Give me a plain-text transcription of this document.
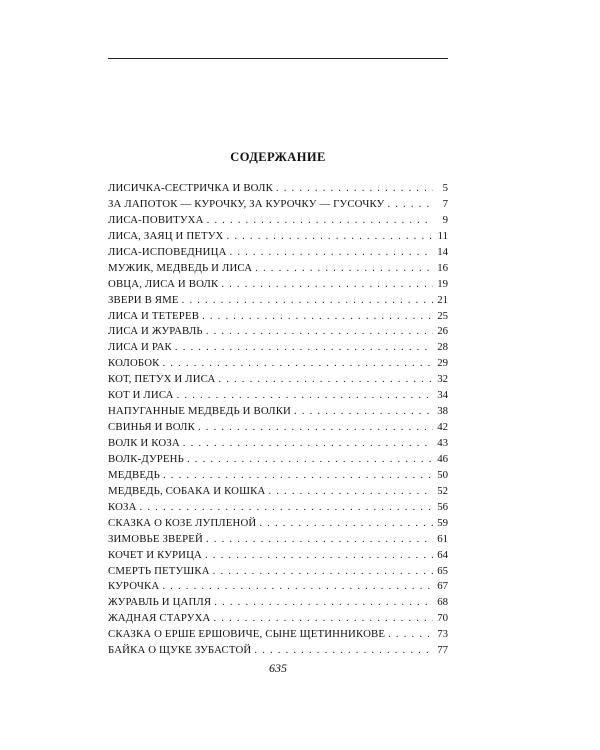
СОДЕРЖАНИЕ
ЛИСИЧКА-СЕСТРИЧКА И ВОЛК . . .	5
ЗА ЛАПОТОК — КУРОЧКУ, ЗА КУРОЧКУ — ГУСОЧКУ . . .	7
ЛИСА-ПОВИТУХА . . .	9
ЛИСА, ЗАЯЦ И ПЕТУХ . . .	11
ЛИСА-ИСПОВЕДНИЦА . . .	14
МУЖИК, МЕДВЕДЬ И ЛИСА . . .	16
ОВЦА, ЛИСА И ВОЛК . . .	19
ЗВЕРИ В ЯМЕ . . .	21
ЛИСА И ТЕТЕРЕВ . . .	25
ЛИСА И ЖУРАВЛЬ . . .	26
ЛИСА И РАК . . .	28
КОЛОБОК . . .	29
КОТ, ПЕТУХ И ЛИСА . . .	32
КОТ И ЛИСА . . .	34
НАПУГАННЫЕ МЕДВЕДЬ И ВОЛКИ . . .	38
СВИНЬЯ И ВОЛК . . .	42
ВОЛК И КОЗА . . .	43
ВОЛК-ДУРЕНЬ . . .	46
МЕДВЕДЬ . . .	50
МЕДВЕДЬ, СОБАКА И КОШКА . . .	52
КОЗА . . .	56
СКАЗКА О КОЗЕ ЛУПЛЕНОЙ . . .	59
ЗИМОВЬЕ ЗВЕРЕЙ . . .	61
КОЧЕТ И КУРИЦА . . .	64
СМЕРТЬ ПЕТУШКА . . .	65
КУРОЧКА . . .	67
ЖУРАВЛЬ И ЦАПЛЯ . . .	68
ЖАДНАЯ СТАРУХА . . .	70
СКАЗКА О ЕРШЕ ЕРШОВИЧЕ, СЫНЕ ЩЕТИННИКОВЕ . . .	73
БАЙКА О ЩУКЕ ЗУБАСТОЙ . . .	77
635
